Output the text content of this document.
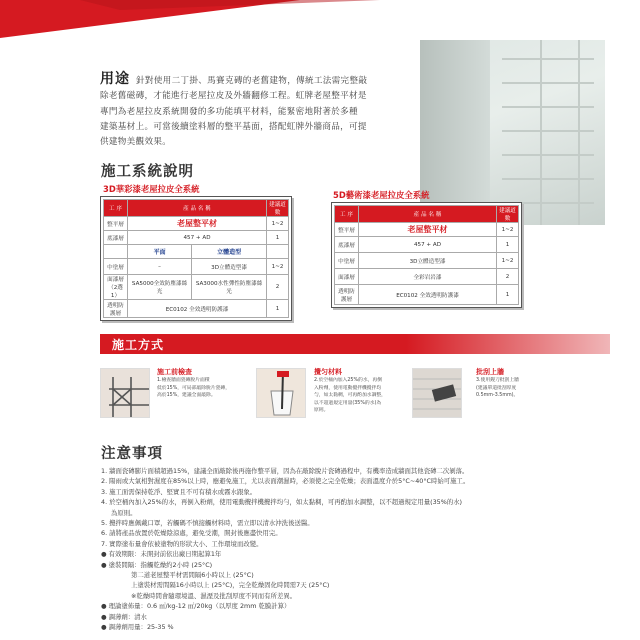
用途 針對使用二丁掛、馬賽克磚的老舊建物，傳統工法需完整敲
除老舊磁磚，才能進行老屋拉皮及外牆翻修工程。虹牌老屋整平材是
專門為老屋拉皮系統開發的多功能填平材料，能緊密地附著於多種
建築基材上。可當後續塗料層的整平基面，搭配虹牌外牆商品，可提
供建物美觀效果。
施工系統說明
3D華彩漆老屋拉皮全系統
工 序	產 品 名 稱		建議道數
整平層	老屋整平材		1~2
底漆層	457 + AD		1
	平面	立體造型	
中塗層	–	3D立體造型漆	1~2
面漆層（2選1）	SA5000全效防塵漆絲光	SA3000水性彈性防塵漆絲光	2
透明防護層	EC0102 全效透明防護漆		1
5D藝術漆老屋拉皮全系統
工 序	產 品 名 稱	建議道數
整平層	老屋整平材	1~2
底漆層	457 + AD	1
中塗層	3D立體造型漆	1~2
面漆層	全彩岩岩漆	2
透明防護層	EC0102 全效透明防護漆	1
施工方式
施工前檢查
1.檢查牆面瓷磚脫片面積
低於15%，可局部敲除脫片瓷磚，
高於15%，建議全面敲除。
攪匀材料
2.於空桶內加入25%的水，再倒
入粉劑，使用電動攪拌機攪拌均
勻，如太黏稠，可再酌加水調整，
以不超過規定用量(35%的水)為
原則。
批刮上牆
3.使用鏝刀批刮上牆
(建議單道批刮厚度
0.5mm-3.5mm)。
注意事項

1. 牆面瓷磚膨片面積超過15%，建議全面敲除後再施作整平層，因為在敲除脫片瓷磚過程中，有機率造成牆面其他瓷磚二次剝落。

2. 陽雨或大氣相對濕度在85%以上時，應避免施工，尤以表面潮濕時，必須使之完全乾燥；表面溫度介於5°C~40°C時始可施工。

3. 施工面需保持乾淨、堅實且不可有積水或霧水跟象。

4. 於空桶內加入25%的水，再倒入粉劑，使用電動攪拌機攪拌均勻，如太黏稠，可再酌加水調整，以不超過規定用量(35%的水)

為原則。

5. 攪拌時應佩戴口罩，若觸碼不慎接觸材料時，需立即以清水沖洗後送醫。

6. 請將產品放置於乾燥陰涼處，避免受潮，開封後應盡快用完。

7. 實際塗布量會依被塗物的形狀大小、工作環境而改變。

● 有效期限：未開封前依出廠日期起算1年

● 塗裝間隔：指觸乾燥約2小時 (25°C)

第二道老屋整平材需間隔6小時以上 (25°C)

上塗裝材需間隔16小時以上 (25°C)，完全乾燥固化時間需7天 (25°C)

※乾燥時間會隨環境溫、濕溼及批刮厚度不同而有所差異。

● 理論塗佈量：0.6 ㎡/kg-12 ㎡/20kg（以厚度 2mm 乾膜計算）

● 調薄劑：清水

● 調薄劑用量：25-35 %
